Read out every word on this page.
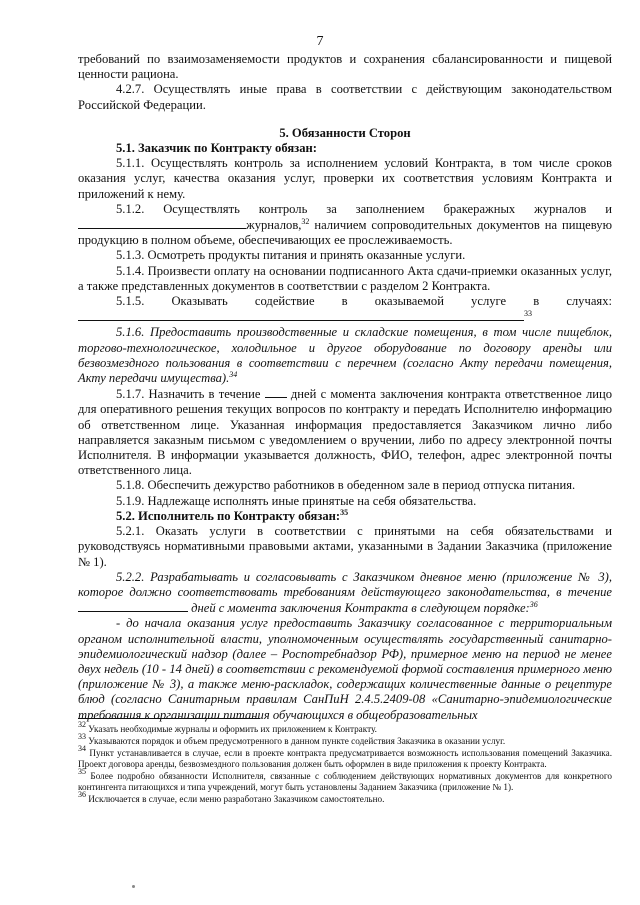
7

требований по взаимозаменяемости продуктов и сохранения сбалансированности и пищевой ценности рациона.

4.2.7. Осуществлять иные права в соответствии с действующим законодательством Российской Федерации.

5. Обязанности Сторон

5.1. Заказчик по Контракту обязан:

5.1.1. Осуществлять контроль за исполнением условий Контракта, в том числе сроков оказания услуг, качества оказания услуг, проверки их соответствия условиям Контракта и приложений к нему.

5.1.2. Осуществлять контроль за заполнением бракеражных журналов и журналов,$^{32}$ наличием сопроводительных документов на пищевую продукцию в полном объеме, обеспечивающих ее прослеживаемость.

5.1.3. Осмотреть продукты питания и принять оказанные услуги.

5.1.4. Произвести оплату на основании подписанного Акта сдачи-приемки оказанных услуг, а также представленных документов в соответствии с разделом 2 Контракта.

5.1.5. Оказывать содействие в оказываемой услуге в случаях:$^{33}$

5.1.6. Предоставить производственные и складские помещения, в том числе пищеблок, торгово-технологическое, холодильное и другое оборудование по договору аренды или безвозмездного пользования в соответствии с перечнем (согласно Акту передачи помещения, Акту передачи имущества).$^{34}$

5.1.7. Назначить в течение  дней с момента заключения контракта ответственное лицо для оперативного решения текущих вопросов по контракту и передать Исполнителю информацию об ответственном лице. Указанная информация предоставляется Заказчиком лично либо направляется заказным письмом с уведомлением о вручении, либо по адресу электронной почты Исполнителя. В информации указывается должность, ФИО, телефон, адрес электронной почты ответственного лица.

5.1.8. Обеспечить дежурство работников в обеденном зале в период отпуска питания.

5.1.9. Надлежаще исполнять иные принятые на себя обязательства.

5.2. Исполнитель по Контракту обязан:$^{35}$

5.2.1. Оказать услуги в соответствии с принятыми на себя обязательствами и руководствуясь нормативными правовыми актами, указанными в Задании Заказчика (приложение № 1).

5.2.2. Разрабатывать и согласовывать с Заказчиком дневное меню (приложение № 3), которое должно соответствовать требованиям действующего законодательства, в течение дней с момента заключения Контракта в следующем порядке:$^{36}$

- до начала оказания услуг предоставить Заказчику согласованное с территориальным органом исполнительной власти, уполномоченным осуществлять государственный санитарно-эпидемиологический надзор (далее – Роспотребнадзор РФ), примерное меню на период не менее двух недель (10 - 14 дней) в соответствии с рекомендуемой формой составления примерного меню (приложение № 3), а также меню-раскладок, содержащих количественные данные о рецептуре блюд (согласно Санитарным правилам СанПиН 2.4.5.2409-08 «Санитарно-эпидемиологические требования к организации питания обучающихся в общеобразовательных

$^{32}$ Указать необходимые журналы и оформить их приложением к Контракту.

$^{33}$ Указываются порядок и объем предусмотренного в данном пункте содействия Заказчика в оказании услуг.

$^{34}$ Пункт устанавливается в случае, если в проекте контракта предусматривается возможность использования помещений Заказчика. Проект договора аренды, безвозмездного пользования должен быть оформлен в виде приложения к проекту Контракта.

$^{35}$ Более подробно обязанности Исполнителя, связанные с соблюдением действующих нормативных документов для конкретного контингента питающихся и типа учреждений, могут быть установлены Заданием Заказчика (приложение № 1).

$^{36}$ Исключается в случае, если меню разработано Заказчиком самостоятельно.
